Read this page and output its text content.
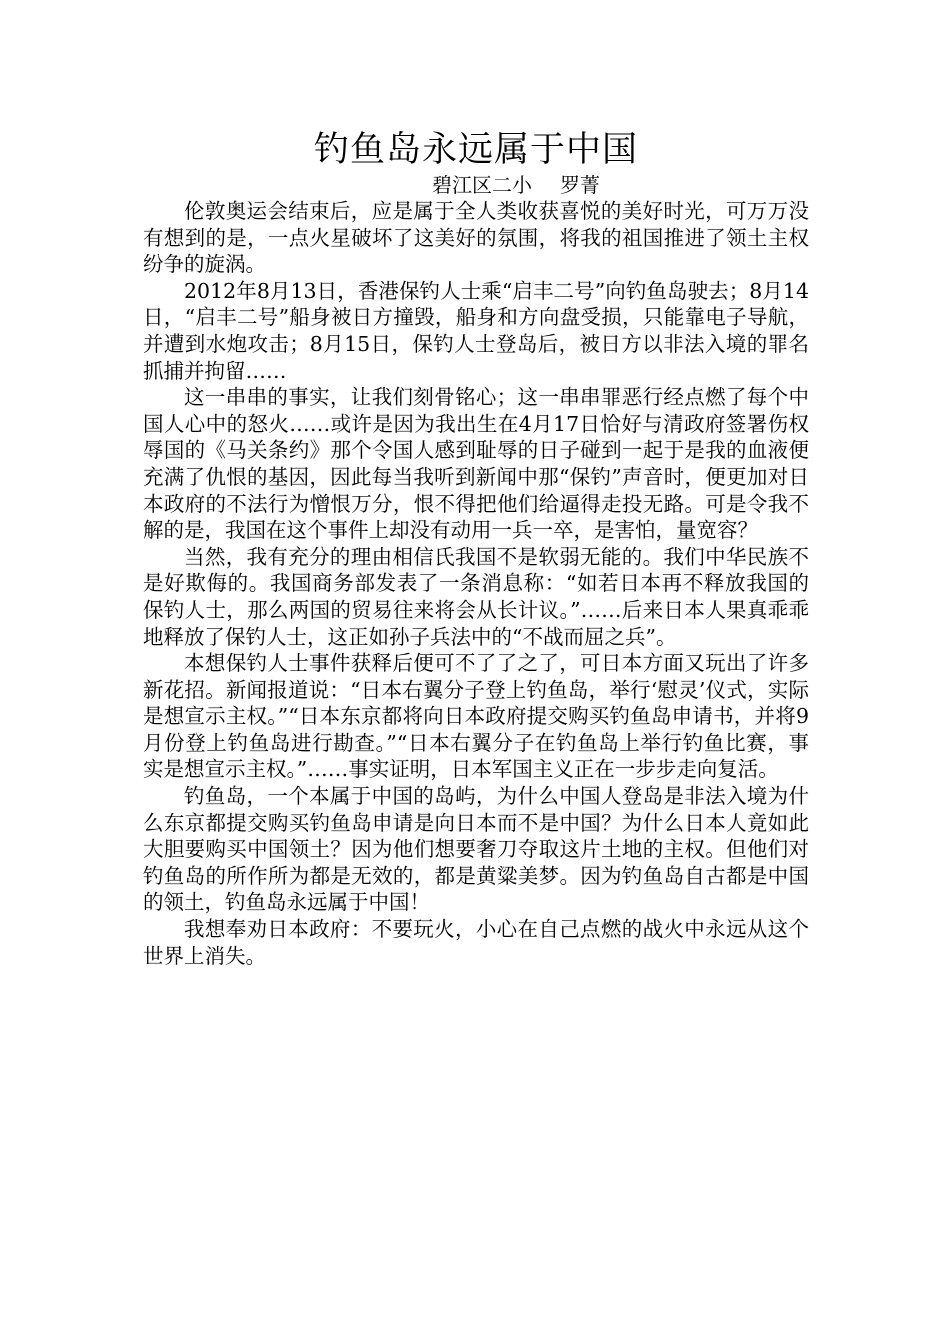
钓鱼岛永远属于中国
碧江区二小 罗菁

伦敦奥运会结束后，应是属于全人类收获喜悦的美好时光，可万万没有想到的是，一点火星破坏了这美好的氛围，将我的祖国推进了领土主权纷争的旋涡。

2012年8月13日，香港保钓人士乘“启丰二号”向钓鱼岛驶去；8月14日，“启丰二号”船身被日方撞毁，船身和方向盘受损，只能靠电子导航，并遭到水炮攻击；8月15日，保钓人士登岛后，被日方以非法入境的罪名抓捕并拘留……

这一串串的事实，让我们刻骨铭心；这一串串罪恶行经点燃了每个中国人心中的怒火……或许是因为我出生在4月17日恰好与清政府签署伤权辱国的《马关条约》那个令国人感到耻辱的日子碰到一起于是我的血液便充满了仇恨的基因，因此每当我听到新闻中那“保钓”声音时，便更加对日本政府的不法行为憎恨万分，恨不得把他们给逼得走投无路。可是令我不解的是，我国在这个事件上却没有动用一兵一卒，是害怕，量宽容？

当然，我有充分的理由相信氏我国不是软弱无能的。我们中华民族不是好欺侮的。我国商务部发表了一条消息称：“如若日本再不释放我国的保钓人士，那么两国的贸易往来将会从长计议。”……后来日本人果真乖乖地释放了保钓人士，这正如孙子兵法中的“不战而屈之兵”。

本想保钓人士事件获释后便可不了了之了，可日本方面又玩出了许多新花招。新闻报道说：“日本右翼分子登上钓鱼岛，举行‘慰灵’仪式，实际是想宣示主权。”“日本东京都将向日本政府提交购买钓鱼岛申请书，并将9月份登上钓鱼岛进行勘查。”“日本右翼分子在钓鱼岛上举行钓鱼比赛，事实是想宣示主权。”……事实证明，日本军国主义正在一步步走向复活。

钓鱼岛，一个本属于中国的岛屿，为什么中国人登岛是非法入境为什么东京都提交购买钓鱼岛申请是向日本而不是中国？为什么日本人竟如此大胆要购买中国领土？因为他们想要奢刀夺取这片土地的主权。但他们对钓鱼岛的所作所为都是无效的，都是黄粱美梦。因为钓鱼岛自古都是中国的领土，钓鱼岛永远属于中国！

我想奉劝日本政府：不要玩火，小心在自己点燃的战火中永远从这个世界上消失。
